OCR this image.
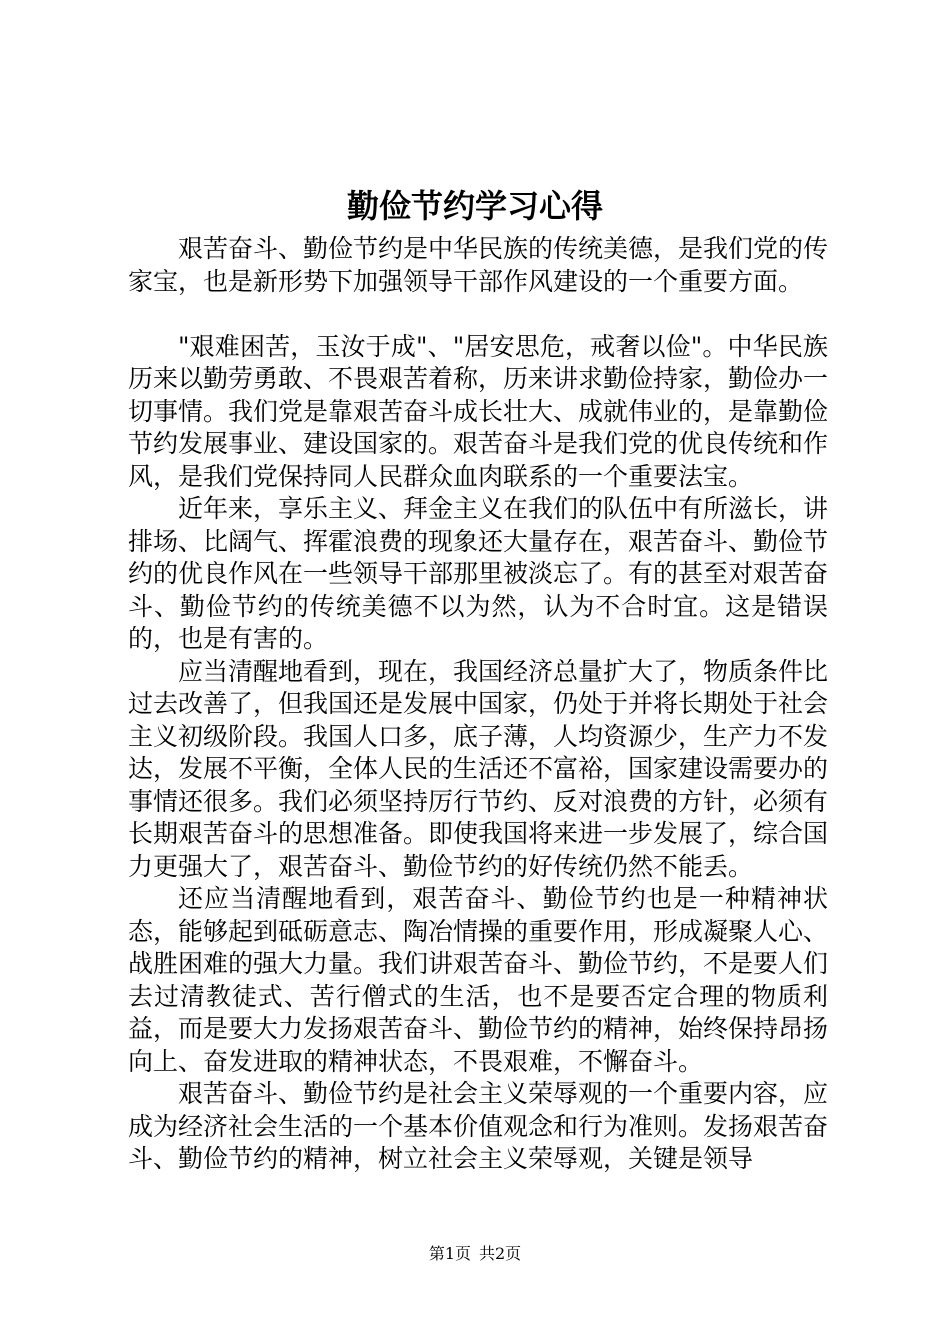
勤俭节约学习心得

艰苦奋斗、勤俭节约是中华民族的传统美德，是我们党的传家宝，也是新形势下加强领导干部作风建设的一个重要方面。

"艰难困苦，玉汝于成"、"居安思危，戒奢以俭"。中华民族历来以勤劳勇敢、不畏艰苦着称，历来讲求勤俭持家，勤俭办一切事情。我们党是靠艰苦奋斗成长壮大、成就伟业的，是靠勤俭节约发展事业、建设国家的。艰苦奋斗是我们党的优良传统和作风，是我们党保持同人民群众血肉联系的一个重要法宝。

近年来，享乐主义、拜金主义在我们的队伍中有所滋长，讲排场、比阔气、挥霍浪费的现象还大量存在，艰苦奋斗、勤俭节约的优良作风在一些领导干部那里被淡忘了。有的甚至对艰苦奋斗、勤俭节约的传统美德不以为然，认为不合时宜。这是错误的，也是有害的。

应当清醒地看到，现在，我国经济总量扩大了，物质条件比过去改善了，但我国还是发展中国家，仍处于并将长期处于社会主义初级阶段。我国人口多，底子薄，人均资源少，生产力不发达，发展不平衡，全体人民的生活还不富裕，国家建设需要办的事情还很多。我们必须坚持厉行节约、反对浪费的方针，必须有长期艰苦奋斗的思想准备。即使我国将来进一步发展了，综合国力更强大了，艰苦奋斗、勤俭节约的好传统仍然不能丢。

还应当清醒地看到，艰苦奋斗、勤俭节约也是一种精神状态，能够起到砥砺意志、陶冶情操的重要作用，形成凝聚人心、战胜困难的强大力量。我们讲艰苦奋斗、勤俭节约，不是要人们去过清教徒式、苦行僧式的生活，也不是要否定合理的物质利益，而是要大力发扬艰苦奋斗、勤俭节约的精神，始终保持昂扬向上、奋发进取的精神状态，不畏艰难，不懈奋斗。

艰苦奋斗、勤俭节约是社会主义荣辱观的一个重要内容，应成为经济社会生活的一个基本价值观念和行为准则。发扬艰苦奋斗、勤俭节约的精神，树立社会主义荣辱观，关键是领导

第1页 共2页
